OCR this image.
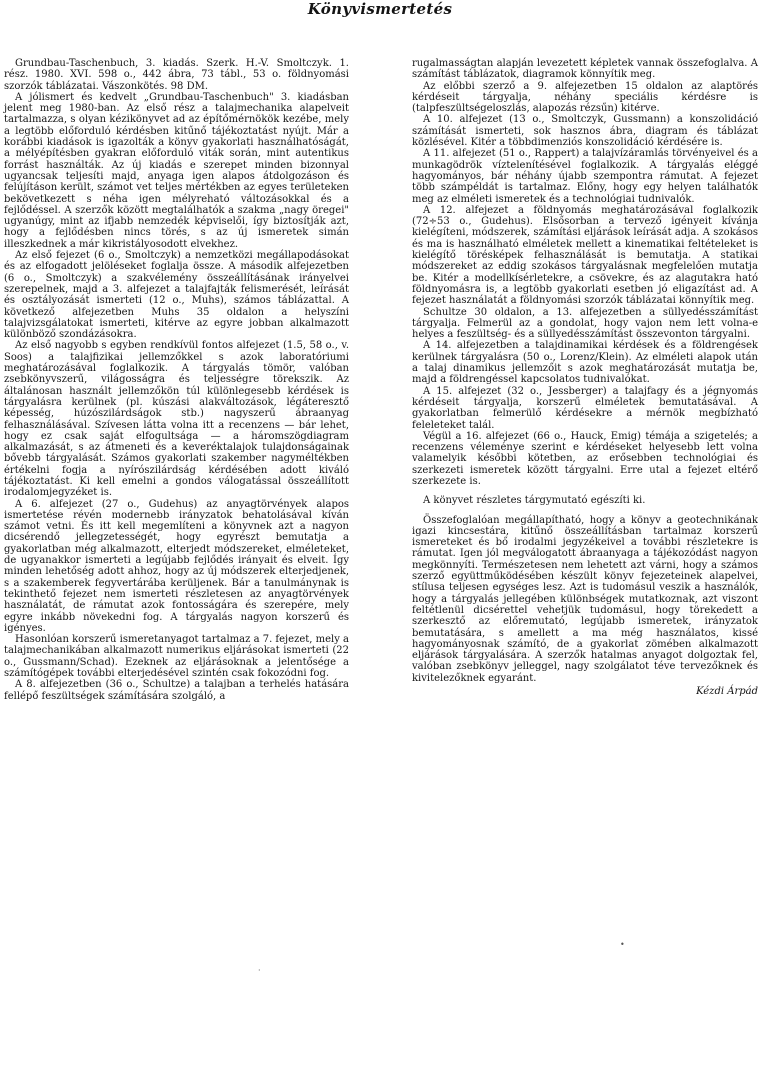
Könyvismertetés

Grundbau-Taschenbuch, 3. kiadás. Szerk. H.-V. Smoltczyk. 1. rész. 1980. XVI. 598 o., 442 ábra, 73 tábl., 53 o. földnyomási szorzók táblázatai. Vászonkötés. 98 DM.

A jólismert és kedvelt „Grundbau-Taschenbuch" 3. kiadásban jelent meg 1980-ban. Az első rész a talajmechanika alapelveit tartalmazza, s olyan kézikönyvet ad az építőmérnökök kezébe, mely a legtöbb előforduló kérdésben kitűnő tájékoztatást nyújt. Már a korábbi kiadások is igazolták a könyv gyakorlati használhatóságát, a mélyépítésben gyakran előforduló viták során, mint autentikus forrást használták. Az új kiadás e szerepet minden bizonnyal ugyancsak teljesíti majd, anyaga igen alapos átdolgozáson és felújításon került, számot vet teljes mértékben az egyes területeken bekövetkezett s néha igen mélyreható változásokkal és a fejlődéssel. A szerzők között megtalálhatók a szakma „nagy öregei" ugyanúgy, mint az ifjabb nemzedék képviselői, így biztosítják azt, hogy a fejlődésben nincs törés, s az új ismeretek simán illeszkednek a már kikristályosodott elvekhez.

Az első fejezet (6 o., Smoltczyk) a nemzetközi megállapodásokat és az elfogadott jelöléseket foglalja össze. A második alfejezetben (6 o., Smoltczyk) a szakvélemény összeállításának irányelvei szerepelnek, majd a 3. alfejezet a talajfajták felismerését, leírását és osztályozását ismerteti (12 o., Muhs), számos táblázattal. A következő alfejezetben Muhs 35 oldalon a helyszíni talajvizsgálatokat ismerteti, kitérve az egyre jobban alkalmazott különböző szondázásokra.

Az első nagyobb s egyben rendkívül fontos alfejezet (1.5, 58 o., v. Soos) a talajfizikai jellemzőkkel s azok laboratóriumi meghatározásával foglalkozik. A tárgyalás tömör, valóban zsebkönyvszerű, világosságra és teljességre törekszik. Az általánosan használt jellemzőkön túl különlegesebb kérdések is tárgyalásra kerülnek (pl. kúszási alakváltozások, légáteresztő képesség, húzószilárdságok stb.) nagyszerű ábraanyag felhasználásával. Szívesen látta volna itt a recenzens — bár lehet, hogy ez csak saját elfogultsága — a háromszögdiagram alkalmazását, s az átmeneti és a keveréktalajok tulajdonságainak bővebb tárgyalását. Számos gyakorlati szakember nagyméltékben értékelni fogja a nyírószilárdság kérdésében adott kiváló tájékoztatást. Ki kell emelni a gondos válogatással összeállított irodalomjegyzéket is.

A 6. alfejezet (27 o., Gudehus) az anyagtörvények alapos ismertetése révén modernebb irányzatok behatolásával kíván számot vetni. És itt kell megemlíteni a könyvnek azt a nagyon dicsérendő jellegzetességét, hogy egyrészt bemutatja a gyakorlatban még alkalmazott, elterjedt módszereket, elméleteket, de ugyanakkor ismerteti a legújabb fejlődés irányait és elveit. Így minden lehetőség adott ahhoz, hogy az új módszerek elterjedjenek, s a szakemberek fegyvertárába kerüljenek. Bár a tanulmánynak is tekinthető fejezet nem ismerteti részletesen az anyagtörvények használatát, de rámutat azok fontosságára és szerepére, mely egyre inkább növekedni fog. A tárgyalás nagyon korszerű és igényes.

Hasonlóan korszerű ismeretanyagot tartalmaz a 7. fejezet, mely a talajmechanikában alkalmazott numerikus eljárásokat ismerteti (22 o., Gussmann/Schad). Ezeknek az eljárásoknak a jelentősége a számítógépek további elterjedésével szintén csak fokozódni fog.

A 8. alfejezetben (36 o., Schultze) a talajban a terhelés hatására fellépő feszültségek számítására szolgáló, a

rugalmasságtan alapján levezetett képletek vannak összefoglalva. A számítást táblázatok, diagramok könnyítik meg.

Az előbbi szerző a 9. alfejezetben 15 oldalon az alaptörés kérdéseit tárgyalja, néhány speciális kérdésre is (talpfeszültségeloszlás, alapozás rézsűn) kitérve.

A 10. alfejezet (13 o., Smoltczyk, Gussmann) a konszolidáció számítását ismerteti, sok hasznos ábra, diagram és táblázat közlésével. Kitér a többdimenziós konszolidáció kérdésére is.

A 11. alfejezet (51 o., Rappert) a talajvízáramlás törvényeivel és a munkagödrök víztelenítésével foglalkozik. A tárgyalás eléggé hagyományos, bár néhány újabb szempontra rámutat. A fejezet több számpéldát is tartalmaz. Előny, hogy egy helyen találhatók meg az elméleti ismeretek és a technológiai tudnivalók.

A 12. alfejezet a földnyomás meghatározásával foglalkozik (72÷53 o., Gudehus). Elsősorban a tervező igényeit kívánja kielégíteni, módszerek, számítási eljárások leírását adja. A szokásos és ma is használható elméletek mellett a kinematikai feltételeket is kielégítő törésképek felhasználását is bemutatja. A statikai módszereket az eddig szokásos tárgyalásnak megfelelően mutatja be. Kitér a modellkísérletekre, a csövekre, és az alagutakra ható földnyomásra is, a legtöbb gyakorlati esetben jó eligazítást ad. A fejezet használatát a földnyomási szorzók táblázatai könnyítik meg.

Schultze 30 oldalon, a 13. alfejezetben a süllyedésszámítást tárgyalja. Felmerül az a gondolat, hogy vajon nem lett volna-e helyes a feszültség- és a süllyedésszámítást összevonton tárgyalni.

A 14. alfejezetben a talajdinamikai kérdések és a földrengések kerülnek tárgyalásra (50 o., Lorenz/Klein). Az elméleti alapok után a talaj dinamikus jellemzőit s azok meghatározását mutatja be, majd a földrengéssel kapcsolatos tudnivalókat.

A 15. alfejezet (32 o., Jessberger) a talajfagy és a jégnyomás kérdéseit tárgyalja, korszerű elméletek bemutatásával. A gyakorlatban felmerülő kérdésekre a mérnök megbízható feleleteket talál.

Végül a 16. alfejezet (66 o., Hauck, Emig) témája a szigetelés; a recenzens véleménye szerint e kérdéseket helyesebb lett volna valamelyik későbbi kötetben, az erősebben technológiai és szerkezeti ismeretek között tárgyalni. Erre utal a fejezet eltérő szerkezete is.

A könyvet részletes tárgymutató egészíti ki.

Összefoglalóan megállapítható, hogy a könyv a geotechnikának igazi kincsestára, kitűnő összeállításban tartalmaz korszerű ismereteket és bő irodalmi jegyzékeivel a további részletekre is rámutat. Igen jól megválogatott ábraanyaga a tájékozódást nagyon megkönnyíti. Természetesen nem lehetett azt várni, hogy a számos szerző együttműködésében készült könyv fejezeteinek alapelvei, stílusa teljesen egységes lesz. Azt is tudomásul veszik a használók, hogy a tárgyalás jellegében különbségek mutatkoznak, azt viszont feltétlenül dicsérettel vehetjük tudomásul, hogy törekedett a szerkesztő az előremutató, legújabb ismeretek, irányzatok bemutatására, s amellett a ma még használatos, kissé hagyományosnak számító, de a gyakorlat zömében alkalmazott eljárások tárgyalására. A szerzők hatalmas anyagot dolgoztak fel, valóban zsebkönyv jelleggel, nagy szolgálatot téve tervezőknek és kivitelezőknek egyaránt.

Kézdi Árpád

•
·
